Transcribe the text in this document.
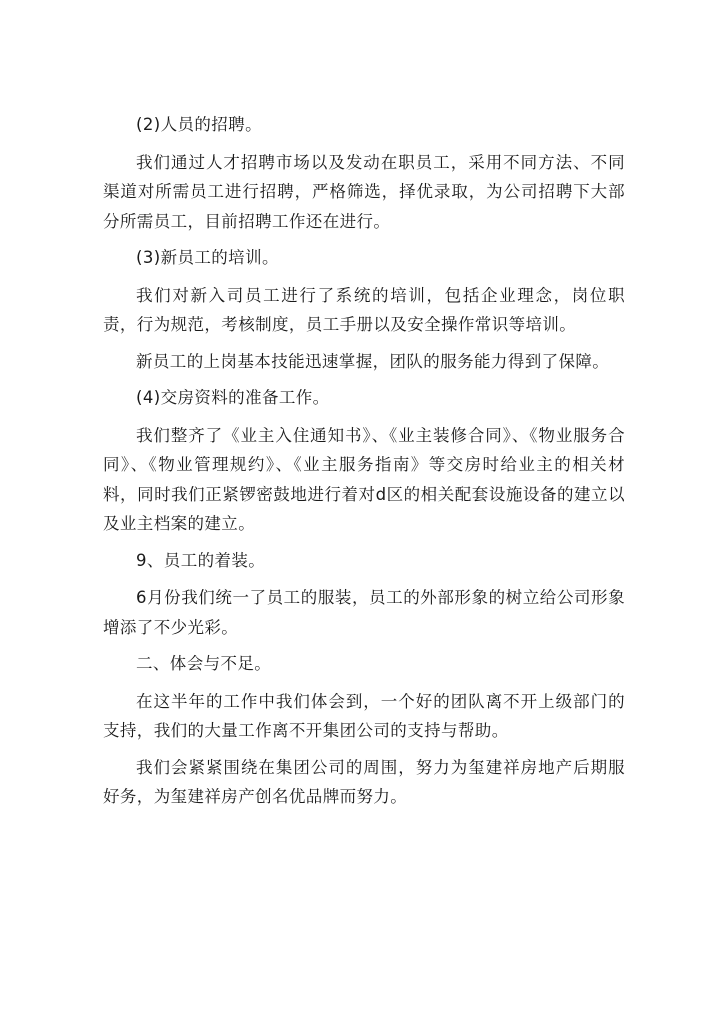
(2)人员的招聘。

我们通过人才招聘市场以及发动在职员工，采用不同方法、不同渠道对所需员工进行招聘，严格筛选，择优录取，为公司招聘下大部分所需员工，目前招聘工作还在进行。

(3)新员工的培训。

我们对新入司员工进行了系统的培训，包括企业理念，岗位职责，行为规范，考核制度，员工手册以及安全操作常识等培训。

新员工的上岗基本技能迅速掌握，团队的服务能力得到了保障。

(4)交房资料的准备工作。

我们整齐了《业主入住通知书》、《业主装修合同》、《物业服务合同》、《物业管理规约》、《业主服务指南》等交房时给业主的相关材料，同时我们正紧锣密鼓地进行着对d区的相关配套设施设备的建立以及业主档案的建立。

9、员工的着装。

6月份我们统一了员工的服装，员工的外部形象的树立给公司形象增添了不少光彩。

二、体会与不足。

在这半年的工作中我们体会到，一个好的团队离不开上级部门的支持，我们的大量工作离不开集团公司的支持与帮助。

我们会紧紧围绕在集团公司的周围，努力为玺建祥房地产后期服好务，为玺建祥房产创名优品牌而努力。
